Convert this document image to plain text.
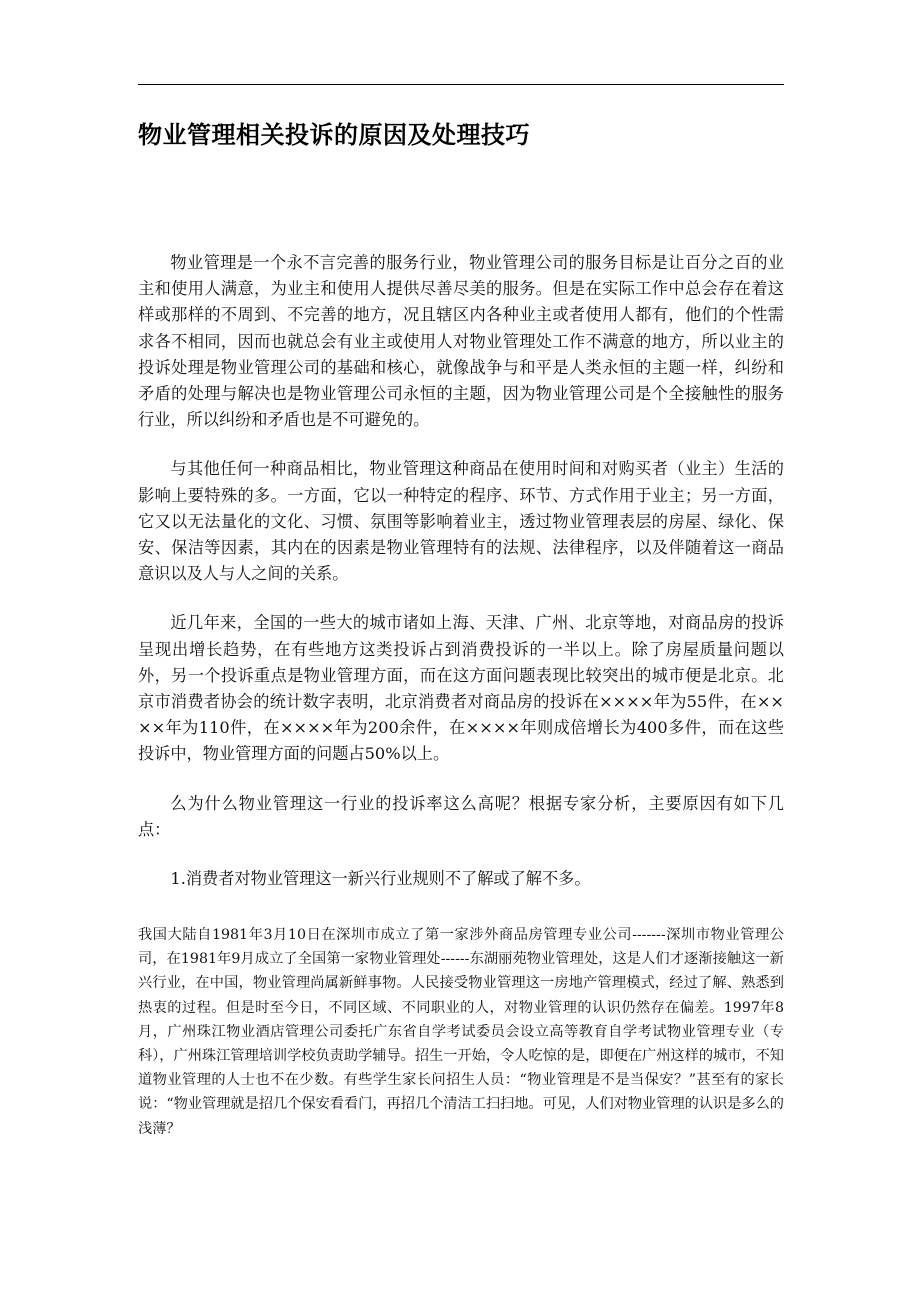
物业管理相关投诉的原因及处理技巧

物业管理是一个永不言完善的服务行业，物业管理公司的服务目标是让百分之百的业主和使用人满意，为业主和使用人提供尽善尽美的服务。但是在实际工作中总会存在着这样或那样的不周到、不完善的地方，况且辖区内各种业主或者使用人都有，他们的个性需求各不相同，因而也就总会有业主或使用人对物业管理处工作不满意的地方，所以业主的投诉处理是物业管理公司的基础和核心，就像战争与和平是人类永恒的主题一样，纠纷和矛盾的处理与解决也是物业管理公司永恒的主题，因为物业管理公司是个全接触性的服务行业，所以纠纷和矛盾也是不可避免的。

与其他任何一种商品相比，物业管理这种商品在使用时间和对购买者（业主）生活的影响上要特殊的多。一方面，它以一种特定的程序、环节、方式作用于业主；另一方面，它又以无法量化的文化、习惯、氛围等影响着业主，透过物业管理表层的房屋、绿化、保安、保洁等因素，其内在的因素是物业管理特有的法规、法律程序，以及伴随着这一商品意识以及人与人之间的关系。

近几年来，全国的一些大的城市诸如上海、天津、广州、北京等地，对商品房的投诉呈现出增长趋势，在有些地方这类投诉占到消费投诉的一半以上。除了房屋质量问题以外，另一个投诉重点是物业管理方面，而在这方面问题表现比较突出的城市便是北京。北京市消费者协会的统计数字表明，北京消费者对商品房的投诉在××××年为55件，在××××年为110件，在××××年为200余件，在××××年则成倍增长为400多件，而在这些投诉中，物业管理方面的问题占50%以上。

么为什么物业管理这一行业的投诉率这么高呢？根据专家分析，主要原因有如下几点：

1.消费者对物业管理这一新兴行业规则不了解或了解不多。

我国大陆自1981年3月10日在深圳市成立了第一家涉外商品房管理专业公司-------深圳市物业管理公司，在1981年9月成立了全国第一家物业管理处------东湖丽苑物业管理处，这是人们才逐渐接触这一新兴行业，在中国，物业管理尚属新鲜事物。人民接受物业管理这一房地产管理模式，经过了解、熟悉到热衷的过程。但是时至今日，不同区域、不同职业的人，对物业管理的认识仍然存在偏差。1997年8月，广州珠江物业酒店管理公司委托广东省自学考试委员会设立高等教育自学考试物业管理专业（专科），广州珠江管理培训学校负责助学辅导。招生一开始，令人吃惊的是，即便在广州这样的城市，不知道物业管理的人士也不在少数。有些学生家长问招生人员：“物业管理是不是当保安？”甚至有的家长说：“物业管理就是招几个保安看看门，再招几个清洁工扫扫地。可见，人们对物业管理的认识是多么的浅薄？
